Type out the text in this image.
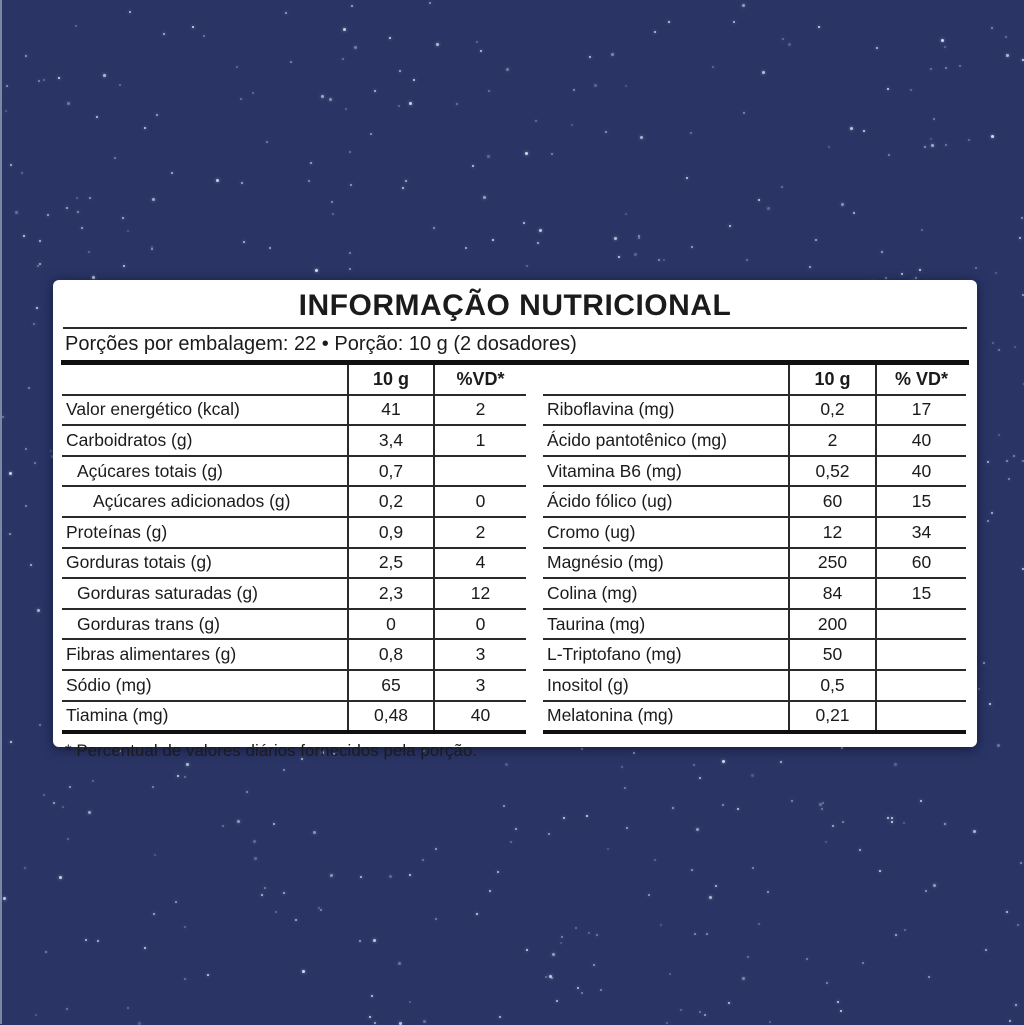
INFORMAÇÃO NUTRICIONAL

Porções por embalagem: 22 • Porção: 10 g (2 dosadores)

	10 g	%VD*
Valor energético (kcal)	41	2
Carboidratos (g)	3,4	1
Açúcares totais (g)	0,7	
Açúcares adicionados (g)	0,2	0
Proteínas (g)	0,9	2
Gorduras totais (g)	2,5	4
Gorduras saturadas (g)	2,3	12
Gorduras trans (g)	0	0
Fibras alimentares (g)	0,8	3
Sódio (mg)	65	3
Tiamina (mg)	0,48	40
	10 g	% VD*
Riboflavina (mg)	0,2	17
Ácido pantotênico (mg)	2	40
Vitamina B6 (mg)	0,52	40
Ácido fólico (ug)	60	15
Cromo (ug)	12	34
Magnésio (mg)	250	60
Colina (mg)	84	15
Taurina (mg)	200	
L-Triptofano (mg)	50	
Inositol (g)	0,5	
Melatonina (mg)	0,21	

* Percentual de valores diários fornecidos pela porção.
